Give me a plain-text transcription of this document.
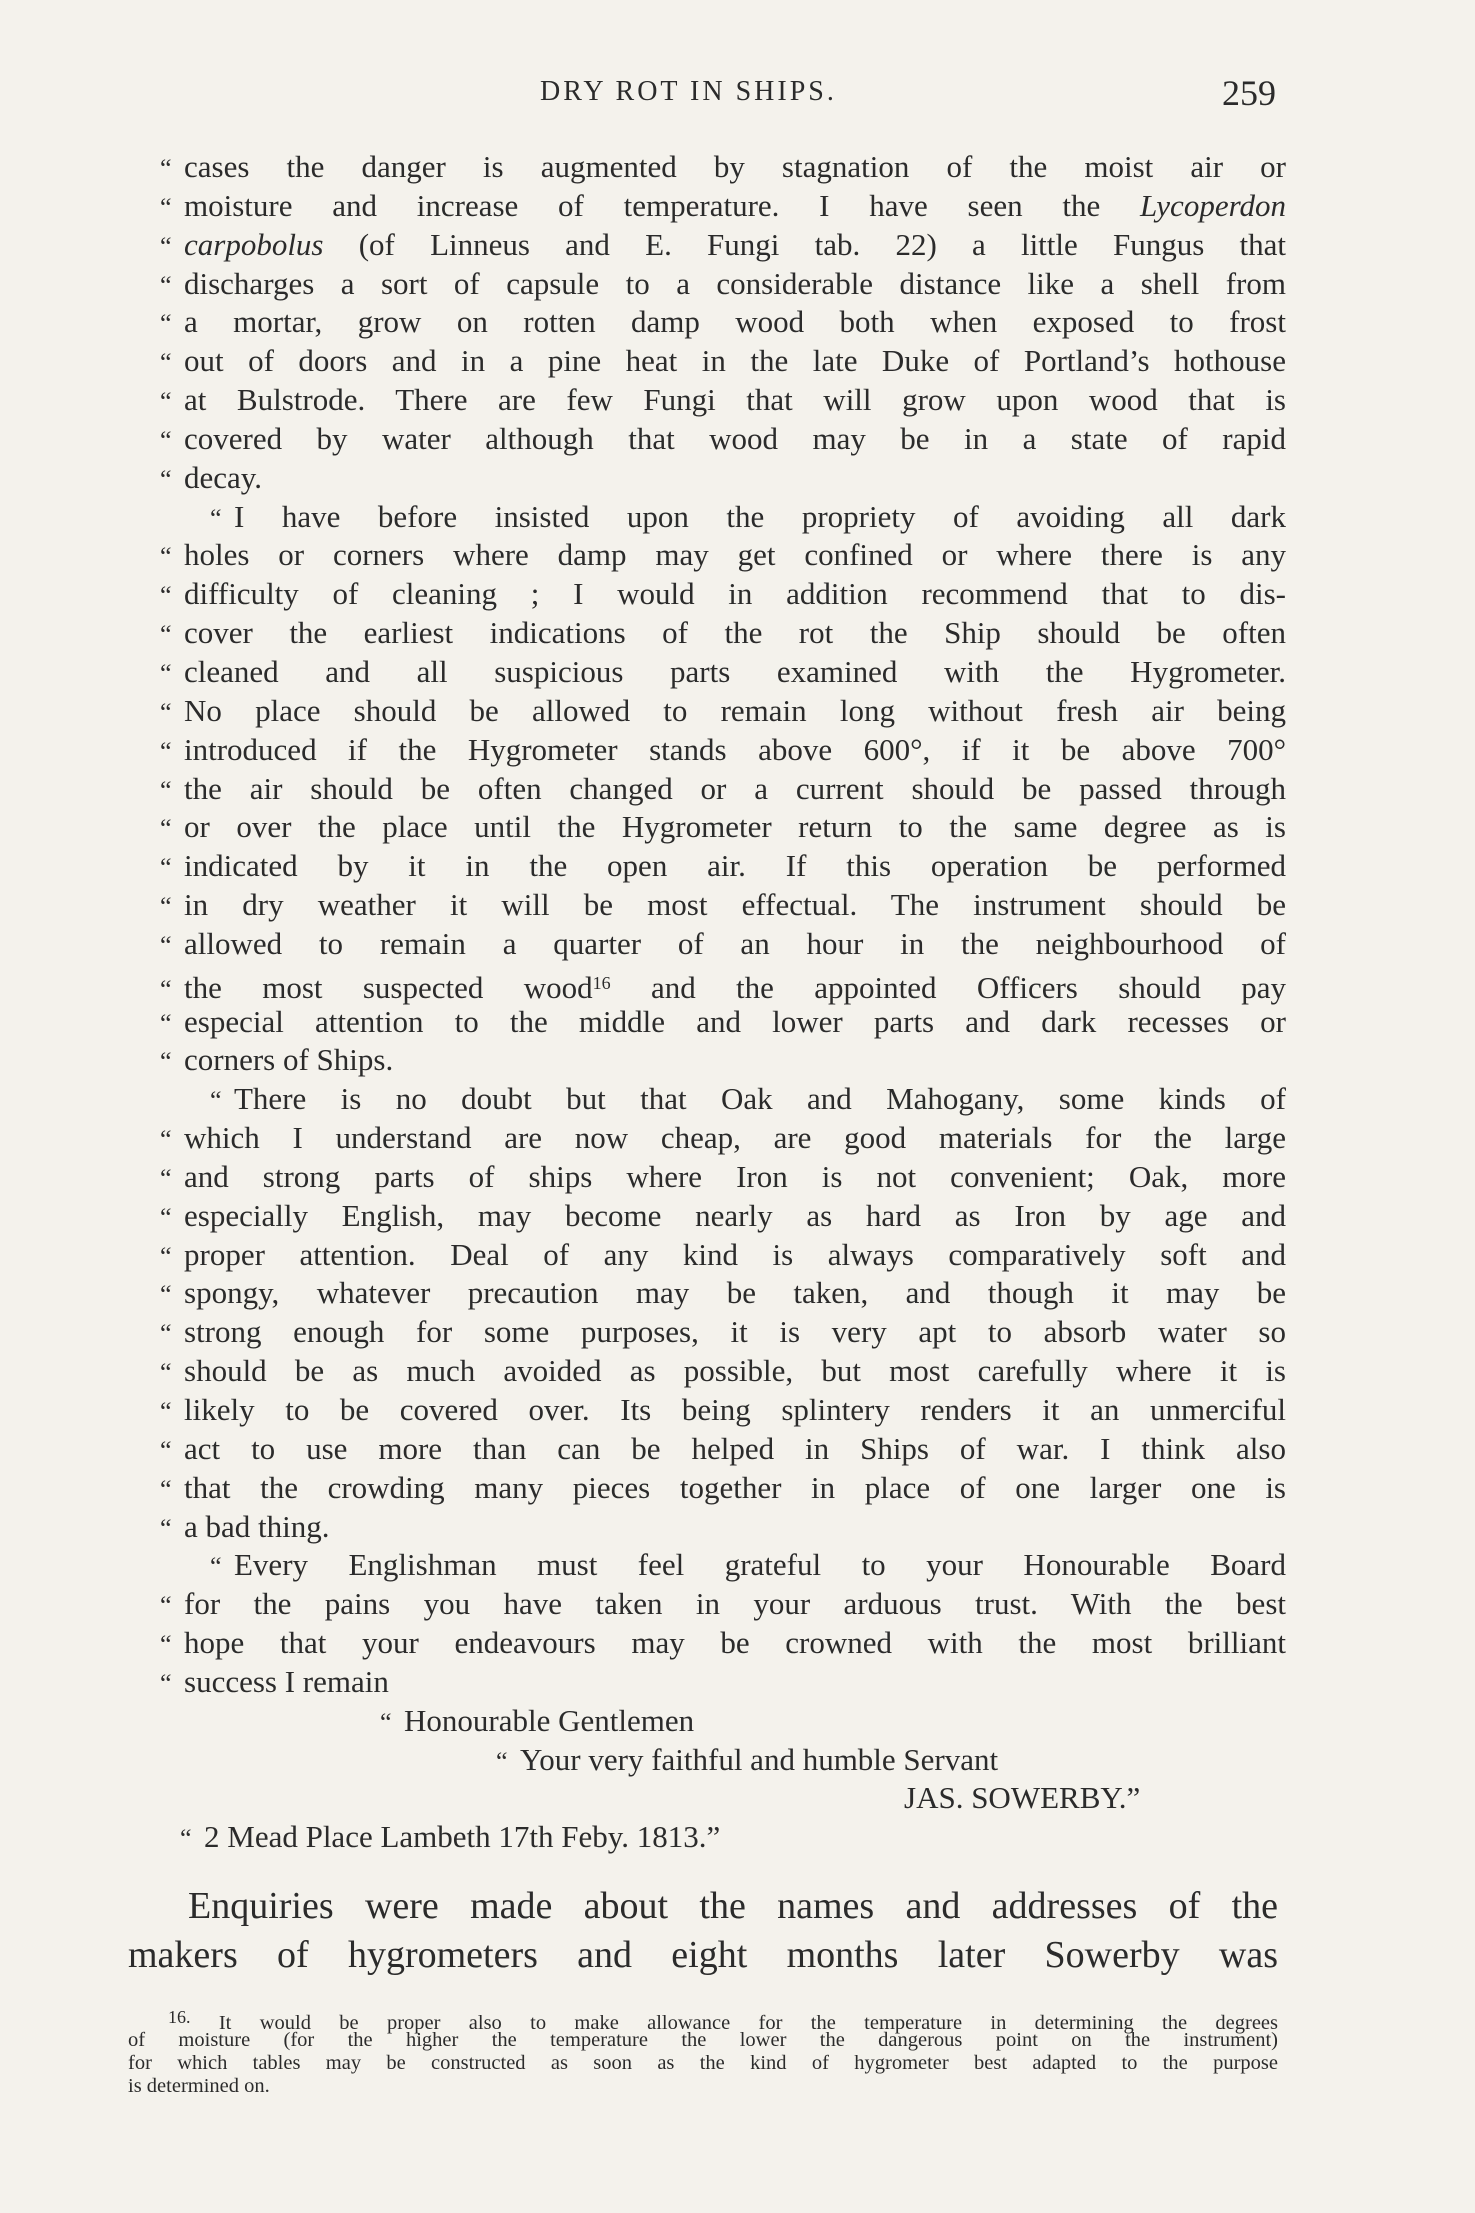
DRY ROT IN SHIPS.	259
“ cases the danger is augmented by stagnation of the moist air or
“ moisture and increase of temperature. I have seen the Lycoperdon
“ carpobolus (of Linneus and E. Fungi tab. 22) a little Fungus that
“ discharges a sort of capsule to a considerable distance like a shell from
“ a mortar, grow on rotten damp wood both when exposed to frost
“ out of doors and in a pine heat in the late Duke of Portland’s hothouse
“ at Bulstrode. There are few Fungi that will grow upon wood that is
“ covered by water although that wood may be in a state of rapid
“ decay.
“ I have before insisted upon the propriety of avoiding all dark
“ holes or corners where damp may get confined or where there is any
“ difficulty of cleaning ; I would in addition recommend that to dis-
“ cover the earliest indications of the rot the Ship should be often
“ cleaned and all suspicious parts examined with the Hygrometer.
“ No place should be allowed to remain long without fresh air being
“ introduced if the Hygrometer stands above 600°, if it be above 700°
“ the air should be often changed or a current should be passed through
“ or over the place until the Hygrometer return to the same degree as is
“ indicated by it in the open air. If this operation be performed
“ in dry weather it will be most effectual. The instrument should be
“ allowed to remain a quarter of an hour in the neighbourhood of
“ the most suspected wood$^{16}$ and the appointed Officers should pay
“ especial attention to the middle and lower parts and dark recesses or
“ corners of Ships.
“ There is no doubt but that Oak and Mahogany, some kinds of
“ which I understand are now cheap, are good materials for the large
“ and strong parts of ships where Iron is not convenient; Oak, more
“ especially English, may become nearly as hard as Iron by age and
“ proper attention. Deal of any kind is always comparatively soft and
“ spongy, whatever precaution may be taken, and though it may be
“ strong enough for some purposes, it is very apt to absorb water so
“ should be as much avoided as possible, but most carefully where it is
“ likely to be covered over. Its being splintery renders it an unmerciful
“ act to use more than can be helped in Ships of war. I think also
“ that the crowding many pieces together in place of one larger one is
“ a bad thing.
“ Every Englishman must feel grateful to your Honourable Board
“ for the pains you have taken in your arduous trust. With the best
“ hope that your endeavours may be crowned with the most brilliant
“ success I remain
“ Honourable Gentlemen
“ Your very faithful and humble Servant
JAS. SOWERBY.”
“ 2 Mead Place Lambeth 17th Feby. 1813.”
Enquiries were made about the names and addresses of the
makers of hygrometers and eight months later Sowerby was
16. It would be proper also to make allowance for the temperature in determining the degrees
of moisture (for the higher the temperature the lower the dangerous point on the instrument)
for which tables may be constructed as soon as the kind of hygrometer best adapted to the purpose
is determined on.
